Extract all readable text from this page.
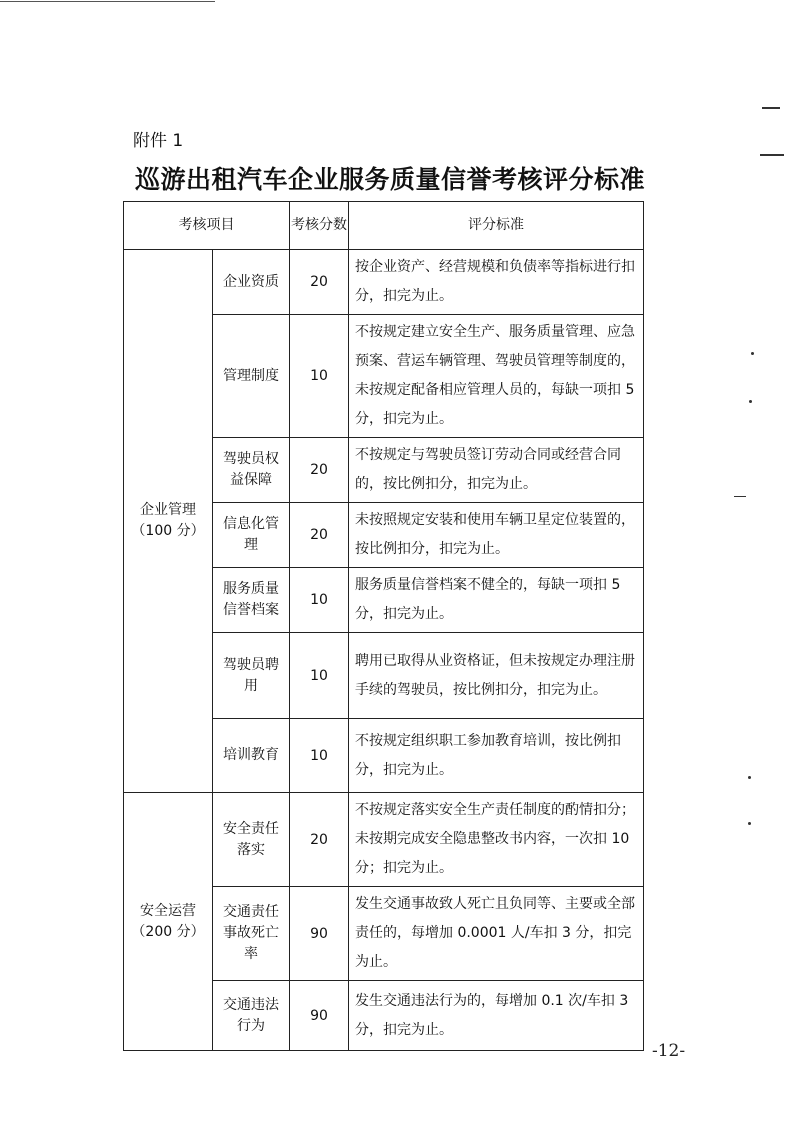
附件 1
巡游出租汽车企业服务质量信誉考核评分标准
考核项目		考核分数	评分标准
企业管理（100 分）	企业资质	20	按企业资产、经营规模和负债率等指标进行扣分，扣完为止。
	管理制度	10	不按规定建立安全生产、服务质量管理、应急预案、营运车辆管理、驾驶员管理等制度的，未按规定配备相应管理人员的，每缺一项扣 5 分，扣完为止。
	驾驶员权益保障	20	不按规定与驾驶员签订劳动合同或经营合同的，按比例扣分，扣完为止。
	信息化管理	20	未按照规定安装和使用车辆卫星定位装置的，按比例扣分，扣完为止。
	服务质量信誉档案	10	服务质量信誉档案不健全的，每缺一项扣 5 分，扣完为止。
	驾驶员聘用	10	聘用已取得从业资格证，但未按规定办理注册手续的驾驶员，按比例扣分，扣完为止。
	培训教育	10	不按规定组织职工参加教育培训，按比例扣分，扣完为止。
安全运营（200 分）	安全责任落实	20	不按规定落实安全生产责任制度的酌情扣分；未按期完成安全隐患整改书内容，一次扣 10 分；扣完为止。
	交通责任事故死亡率	90	发生交通事故致人死亡且负同等、主要或全部责任的，每增加 0.0001 人/车扣 3 分，扣完为止。
	交通违法行为	90	发生交通违法行为的，每增加 0.1 次/车扣 3 分，扣完为止。
-12-
